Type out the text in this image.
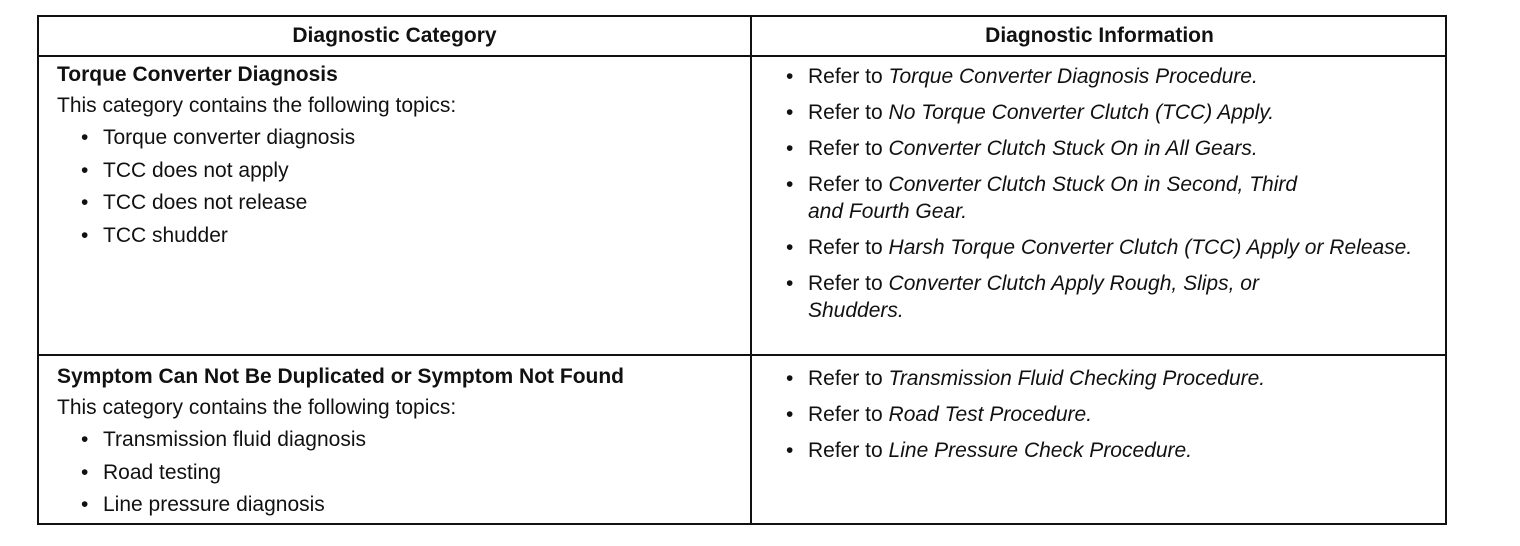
Diagnostic Category	Diagnostic Information
Torque Converter Diagnosis
This category contains the following topics:
• Torque converter diagnosis
• TCC does not apply
• TCC does not release
• TCC shudder
• Refer to Torque Converter Diagnosis Procedure.
• Refer to No Torque Converter Clutch (TCC) Apply.
• Refer to Converter Clutch Stuck On in All Gears.
• Refer to Converter Clutch Stuck On in Second, Third and Fourth Gear.
• Refer to Harsh Torque Converter Clutch (TCC) Apply or Release.
• Refer to Converter Clutch Apply Rough, Slips, or Shudders.
Symptom Can Not Be Duplicated or Symptom Not Found
This category contains the following topics:
• Transmission fluid diagnosis
• Road testing
• Line pressure diagnosis
• Refer to Transmission Fluid Checking Procedure.
• Refer to Road Test Procedure.
• Refer to Line Pressure Check Procedure.
